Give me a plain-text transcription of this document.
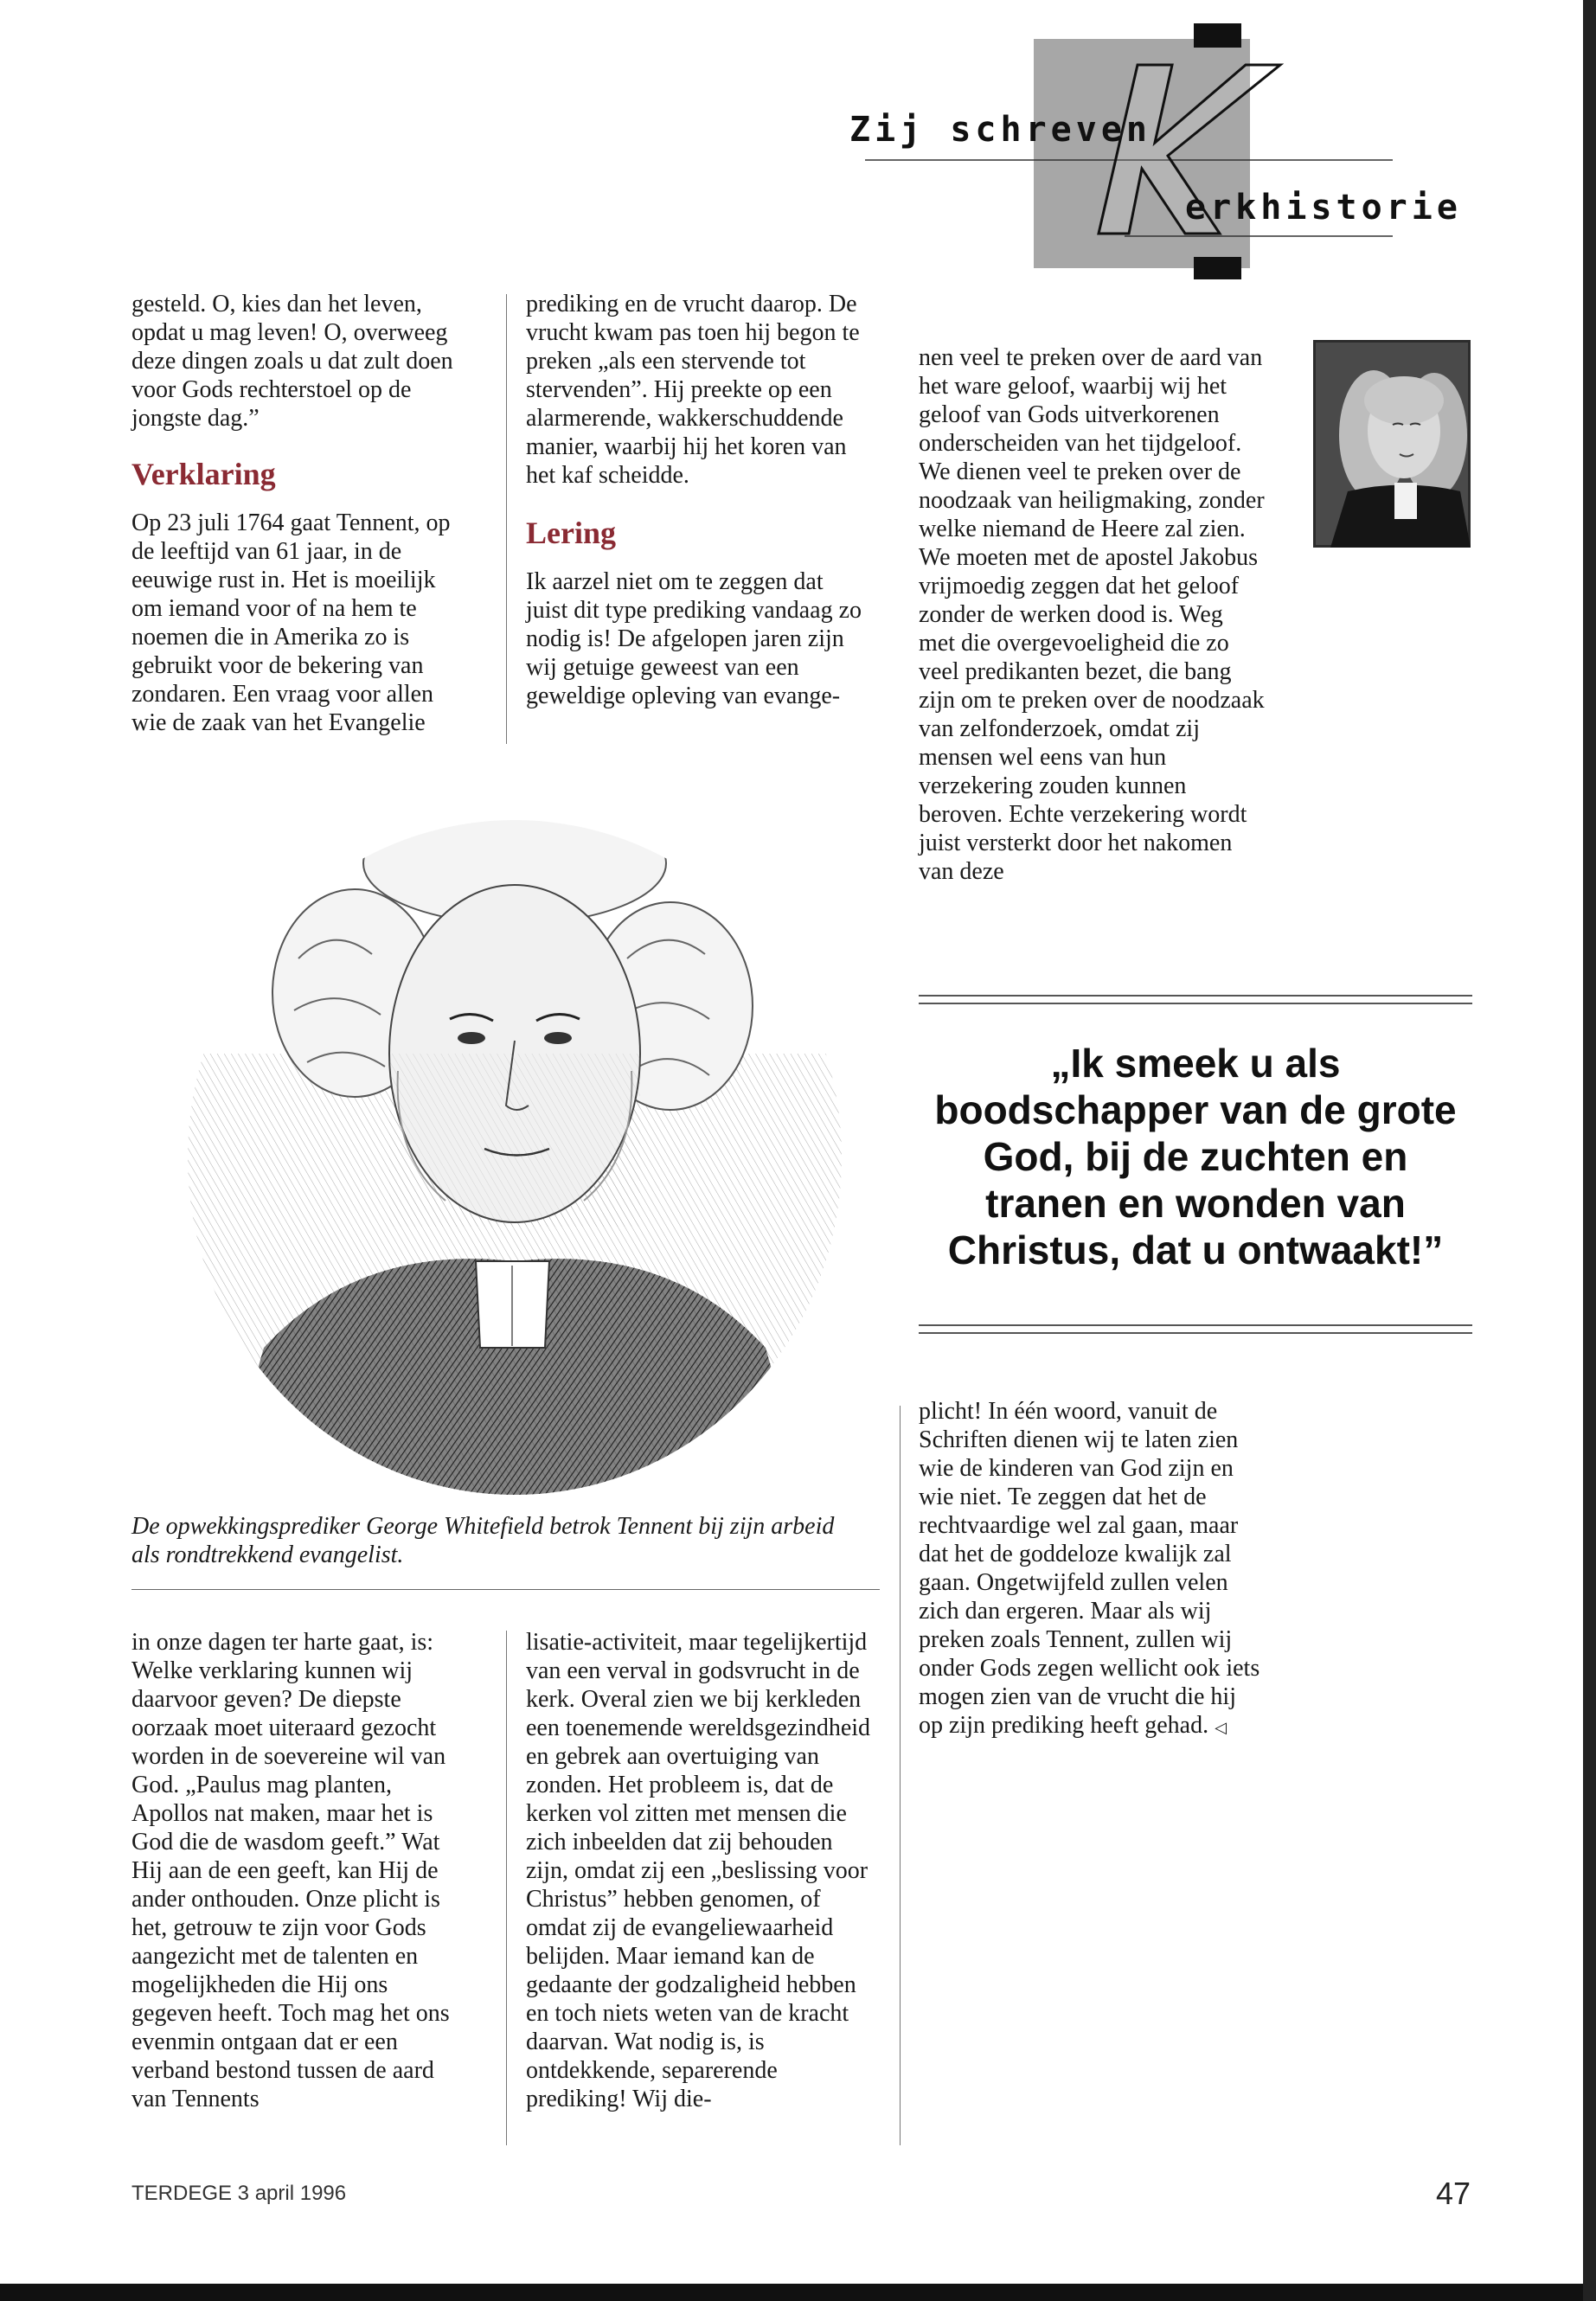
Zij schreven
erkhistorie

gesteld. O, kies dan het leven, opdat u mag leven! O, overweeg deze dingen zoals u dat zult doen voor Gods rechterstoel op de jongste dag.”

Verklaring

Op 23 juli 1764 gaat Tennent, op de leeftijd van 61 jaar, in de eeuwige rust in. Het is moeilijk om iemand voor of na hem te noemen die in Amerika zo is gebruikt voor de bekering van zondaren. Een vraag voor allen wie de zaak van het Evangelie

prediking en de vrucht daarop. De vrucht kwam pas toen hij begon te preken „als een stervende tot stervenden”. Hij preekte op een alarmerende, wakkerschuddende manier, waarbij hij het koren van het kaf scheidde.

Lering

Ik aarzel niet om te zeggen dat juist dit type prediking vandaag zo nodig is! De afgelopen jaren zijn wij getuige geweest van een geweldige opleving van evange-

nen veel te preken over de aard van het ware geloof, waarbij wij het geloof van Gods uitverkorenen onderscheiden van het tijdgeloof. We dienen veel te preken over de noodzaak van heiligmaking, zonder welke niemand de Heere zal zien. We moeten met de apostel Jakobus vrijmoedig zeggen dat het geloof zonder de werken dood is. Weg met die overgevoeligheid die zo veel predikanten bezet, die bang zijn om te preken over de noodzaak van zelfonderzoek, omdat zij mensen wel eens van hun verzekering zouden kunnen beroven. Echte verzekering wordt juist versterkt door het nakomen van deze

„Ik smeek u als boodschapper van de grote God, bij de zuchten en tranen en wonden van Christus, dat u ontwaakt!”
De opwekkingsprediker George Whitefield betrok Tennent bij zijn arbeid als rondtrekkend evangelist.

in onze dagen ter harte gaat, is: Welke verklaring kunnen wij daarvoor geven? De diepste oorzaak moet uiteraard gezocht worden in de soevereine wil van God. „Paulus mag planten, Apollos nat maken, maar het is God die de wasdom geeft.” Wat Hij aan de een geeft, kan Hij de ander onthouden. Onze plicht is het, getrouw te zijn voor Gods aangezicht met de talenten en mogelijkheden die Hij ons gegeven heeft. Toch mag het ons evenmin ontgaan dat er een verband bestond tussen de aard van Tennents

lisatie-activiteit, maar tegelijkertijd van een verval in godsvrucht in de kerk. Overal zien we bij kerkleden een toenemende wereldsgezindheid en gebrek aan overtuiging van zonden. Het probleem is, dat de kerken vol zitten met mensen die zich inbeelden dat zij behouden zijn, omdat zij een „beslissing voor Christus” hebben genomen, of omdat zij de evangeliewaarheid belijden. Maar iemand kan de gedaante der godzaligheid hebben en toch niets weten van de kracht daarvan. Wat nodig is, is ontdekkende, separerende prediking! Wij die-

plicht! In één woord, vanuit de Schriften dienen wij te laten zien wie de kinderen van God zijn en wie niet. Te zeggen dat het de rechtvaardige wel zal gaan, maar dat het de goddeloze kwalijk zal gaan. Ongetwijfeld zullen velen zich dan ergeren. Maar als wij preken zoals Tennent, zullen wij onder Gods zegen wellicht ook iets mogen zien van de vrucht die hij op zijn prediking heeft gehad. ◁

TERDEGE 3 april 1996	47
